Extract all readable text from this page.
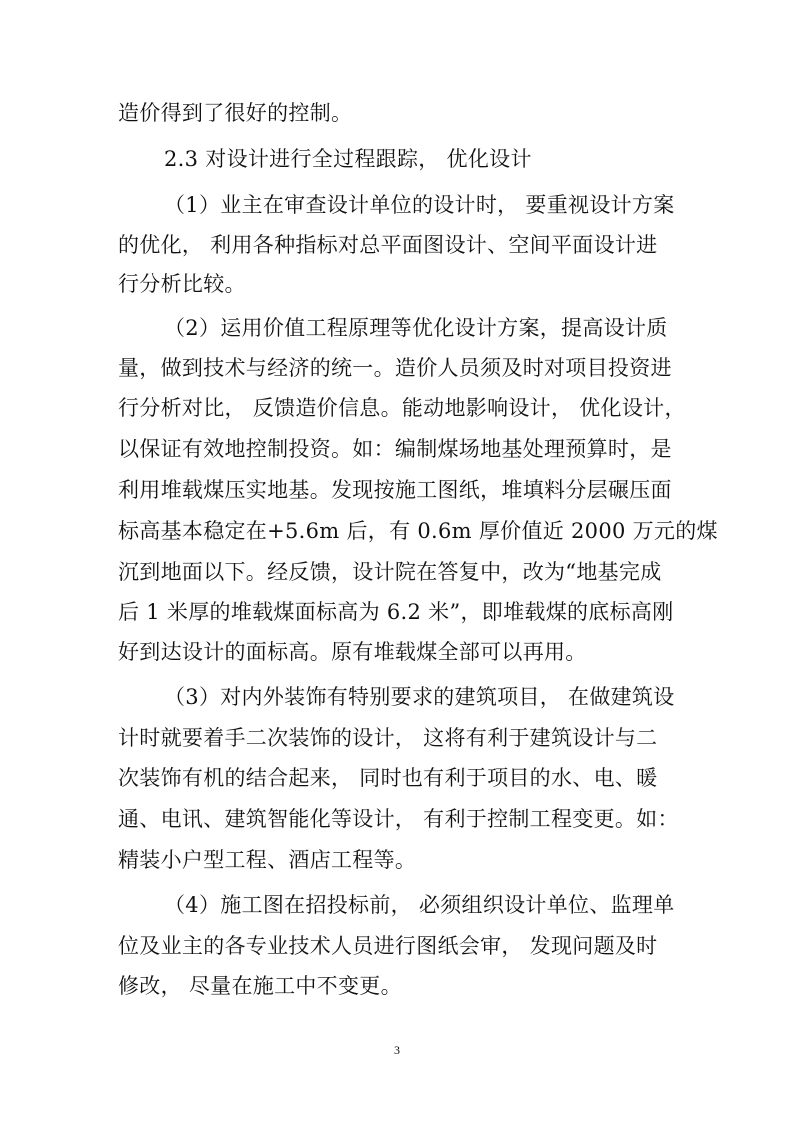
造价得到了很好的控制。
2.3 对设计进行全过程跟踪， 优化设计
（1）业主在审查设计单位的设计时， 要重视设计方案
的优化， 利用各种指标对总平面图设计、空间平面设计进
行分析比较。
（2）运用价值工程原理等优化设计方案，提高设计质
量，做到技术与经济的统一。造价人员须及时对项目投资进
行分析对比， 反馈造价信息。能动地影响设计， 优化设计，
以保证有效地控制投资。如：编制煤场地基处理预算时，是
利用堆载煤压实地基。发现按施工图纸，堆填料分层碾压面
标高基本稳定在+5.6m 后，有 0.6m 厚价值近 2000 万元的煤
沉到地面以下。经反馈，设计院在答复中，改为“地基完成
后 1 米厚的堆载煤面标高为 6.2 米”，即堆载煤的底标高刚
好到达设计的面标高。原有堆载煤全部可以再用。
（3）对内外装饰有特别要求的建筑项目， 在做建筑设
计时就要着手二次装饰的设计， 这将有利于建筑设计与二
次装饰有机的结合起来， 同时也有利于项目的水、电、暖
通、电讯、建筑智能化等设计， 有利于控制工程变更。如：
精装小户型工程、酒店工程等。
（4）施工图在招投标前， 必须组织设计单位、监理单
位及业主的各专业技术人员进行图纸会审， 发现问题及时
修改， 尽量在施工中不变更。
3
